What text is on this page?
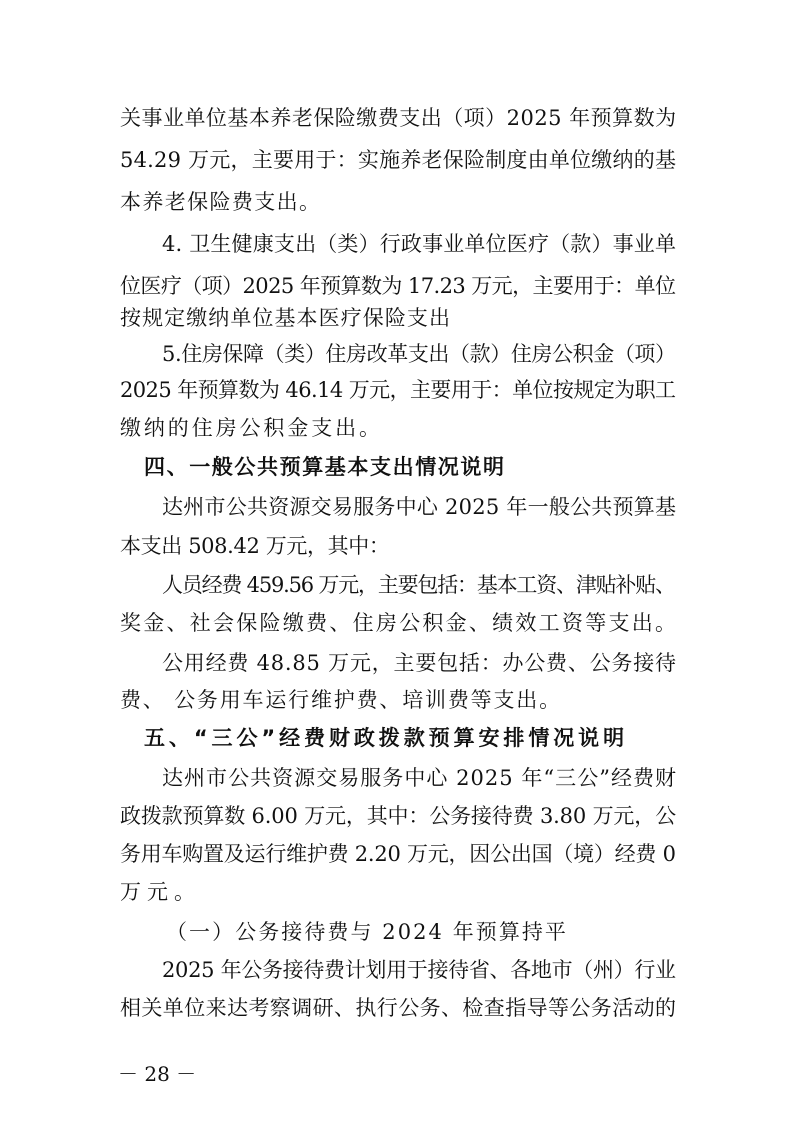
关事业单位基本养老保险缴费支出（项）2025 年预算数为
54.29 万元，主要用于：实施养老保险制度由单位缴纳的基
本养老保险费支出。
4. 卫生健康支出（类）行政事业单位医疗（款）事业单
位医疗（项）2025 年预算数为 17.23 万元，主要用于：单位
按规定缴纳单位基本医疗保险支出
5.住房保障（类）住房改革支出（款）住房公积金（项）
2025 年预算数为 46.14 万元，主要用于：单位按规定为职工
缴纳的住房公积金支出。
四、一般公共预算基本支出情况说明
达州市公共资源交易服务中心 2025 年一般公共预算基
本支出 508.42 万元，其中：
人员经费 459.56 万元，主要包括：基本工资、津贴补贴、
奖金、社会保险缴费、住房公积金、绩效工资等支出。
公用经费 48.85 万元，主要包括：办公费、公务接待
费、 公务用车运行维护费、培训费等支出。
五、“三公”经费财政拨款预算安排情况说明
达州市公共资源交易服务中心 2025 年“三公”经费财
政拨款预算数 6.00 万元，其中：公务接待费 3.80 万元，公
务用车购置及运行维护费 2.20 万元，因公出国（境）经费 0
万元。
（一）公务接待费与 2024 年预算持平
2025 年公务接待费计划用于接待省、各地市（州）行业
相关单位来达考察调研、执行公务、检查指导等公务活动的
－ 28 －
